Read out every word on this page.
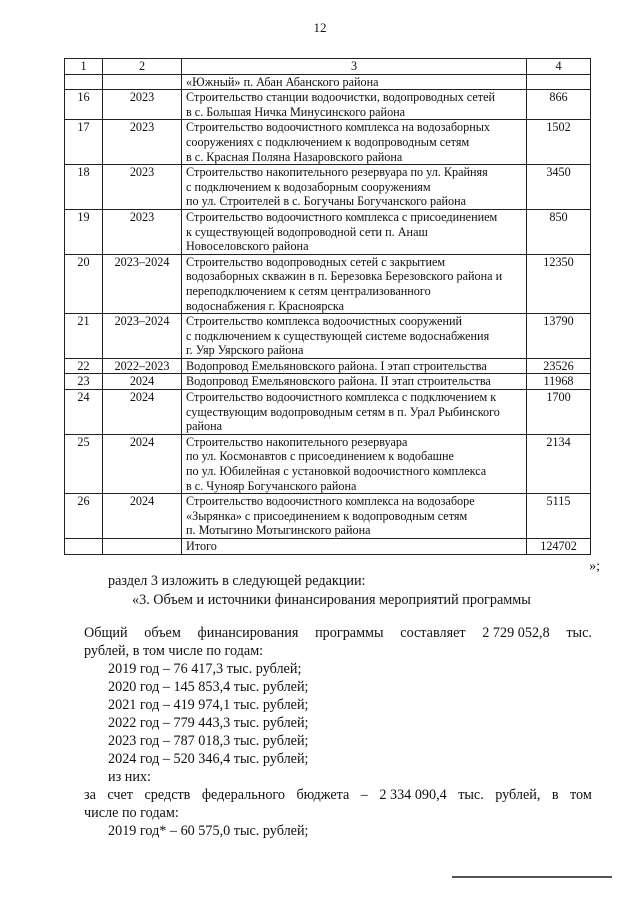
12
1	2	3	4
		«Южный» п. Абан Абанского района	
16	2023	Строительство станции водоочистки, водопроводных сетей
в с. Большая Ничка Минусинского района	866
17	2023	Строительство водоочистного комплекса на водозаборных
сооружениях с подключением к водопроводным сетям
в с. Красная Поляна Назаровского района	1502
18	2023	Строительство накопительного резервуара по ул. Крайняя
с подключением к водозаборным сооружениям
по ул. Строителей в с. Богучаны Богучанского района	3450
19	2023	Строительство водоочистного комплекса с присоединением
к существующей водопроводной сети п. Анаш
Новоселовского района	850
20	2023–2024	Строительство водопроводных сетей с закрытием
водозаборных скважин в п. Березовка Березовского района и
переподключением к сетям централизованного
водоснабжения г. Красноярска	12350
21	2023–2024	Строительство комплекса водоочистных сооружений
с подключением к существующей системе водоснабжения
г. Уяр Уярского района	13790
22	2022–2023	Водопровод Емельяновского района. I этап строительства	23526
23	2024	Водопровод Емельяновского района. II этап строительства	11968
24	2024	Строительство водоочистного комплекса с подключением к
существующим водопроводным сетям в п. Урал Рыбинского
района	1700
25	2024	Строительство накопительного резервуара
по ул. Космонавтов с присоединением к водобашне
по ул. Юбилейная с установкой водоочистного комплекса
в с. Чунояр Богучанского района	2134
26	2024	Строительство водоочистного комплекса на водозаборе
«Зырянка» с присоединением к водопроводным сетям
п. Мотыгино Мотыгинского района	5115
		Итого	124702
»;
раздел 3 изложить в следующей редакции:
«3. Объем и источники финансирования мероприятий программы
Общий объем финансирования программы составляет 2 729 052,8 тыс.
рублей, в том числе по годам:
2019 год – 76 417,3 тыс. рублей;
2020 год – 145 853,4 тыс. рублей;
2021 год – 419 974,1 тыс. рублей;
2022 год – 779 443,3 тыс. рублей;
2023 год – 787 018,3 тыс. рублей;
2024 год – 520 346,4 тыс. рублей;
из них:
за счет средств федерального бюджета – 2 334 090,4 тыс. рублей, в том
числе по годам:
2019 год* – 60 575,0 тыс. рублей;
